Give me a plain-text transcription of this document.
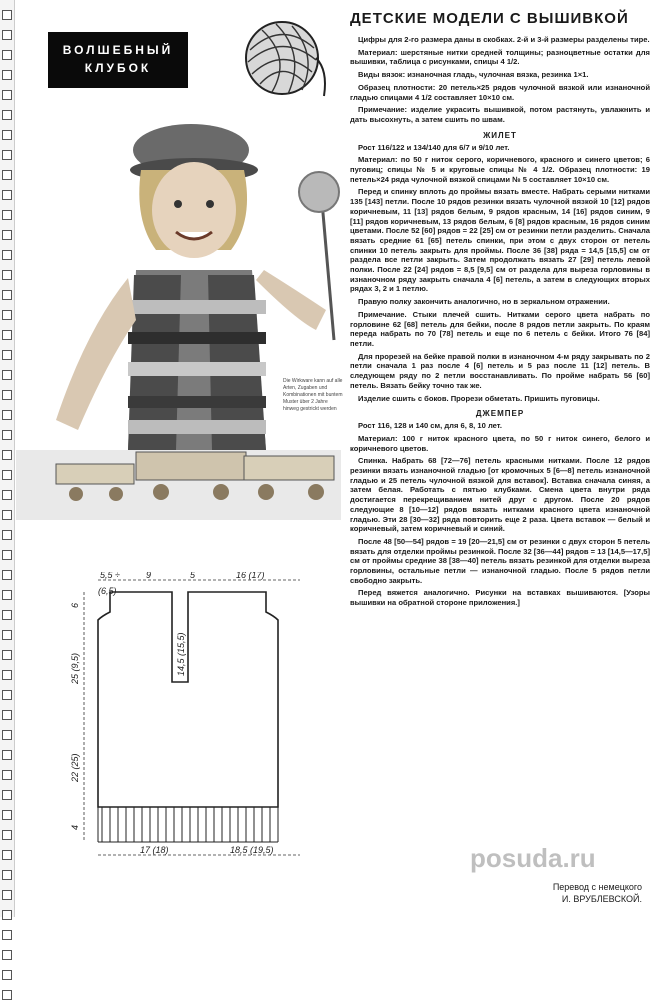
ВОЛШЕБНЫЙ
КЛУБОК
Die Wirkware kann auf alle Arten, Zugaben und Kombinationen mit buntem Muster über 2 Jahre hinweg gestrickt werden
ДЕТСКИЕ МОДЕЛИ С ВЫШИВКОЙ

Цифры для 2-го размера даны в скобках. 2-й и 3-й размеры разделены тире.

Материал: шерстяные нитки средней толщины; разноцветные остатки для вышивки, таблица с рисунками, спицы 4 1/2.

Виды вязок: изнаночная гладь, чулочная вязка, резинка 1×1.

Образец плотности: 20 петель×25 рядов чулочной вязкой или изнаночной гладью спицами 4 1/2 составляет 10×10 см.

Примечание: изделие украсить вышивкой, потом растянуть, увлажнить и дать высохнуть, а затем сшить по швам.

ЖИЛЕТ

Рост 116/122 и 134/140 для 6/7 и 9/10 лет.

Материал: по 50 г ниток серого, коричневого, красного и синего цветов; 6 пуговиц; спицы № 5 и круговые спицы № 4 1/2. Образец плотности: 19 петель×24 ряда чулочной вязкой спицами № 5 составляет 10×10 см.

Перед и спинку вплоть до проймы вязать вместе. Набрать серыми нитками 135 [143] петли. После 10 рядов резинки вязать чулочной вязкой 10 [12] рядов коричневым, 11 [13] рядов белым, 9 рядов красным, 14 [16] рядов синим, 9 [11] рядов коричневым, 13 рядов белым, 6 [8] рядов красным, 16 рядов синим цветами. После 52 [60] рядов = 22 [25] см от резинки петли разделить. Сначала вязать средние 61 [65] петель спинки, при этом с двух сторон от петель спинки 10 петель закрыть для проймы. После 36 [38] ряда = 14,5 [15,5] см от раздела все петли закрыть. Затем продолжать вязать 27 [29] петель левой полки. После 22 [24] рядов = 8,5 [9,5] см от раздела для выреза горловины в изнаночном ряду закрыть сначала 4 [6] петель, а затем в следующих вторых рядах 3, 2 и 1 петлю.

Правую полку закончить аналогично, но в зеркальном отражении.

Примечание. Стыки плечей сшить. Нитками серого цвета набрать по горловине 62 [68] петель для бейки, после 8 рядов петли закрыть. По краям переда набрать по 70 [78] петель и еще по 6 петель с бейки. Итого 76 [84] петли.

Для прорезей на бейке правой полки в изнаночном 4-м ряду закрывать по 2 петли сначала 1 раз после 4 [6] петель и 5 раз после 11 [12] петель. В следующем ряду по 2 петли восстанавливать. По пройме набрать 56 [60] петель. Вязать бейку точно так же.

Изделие сшить с боков. Прорези обметать. Пришить пуговицы.

ДЖЕМПЕР

Рост 116, 128 и 140 см, для 6, 8, 10 лет.

Материал: 100 г ниток красного цвета, по 50 г ниток синего, белого и коричневого цветов.

Спинка. Набрать 68 [72—76] петель красными нитками. После 12 рядов резинки вязать изнаночной гладью [от кромочных 5 [6—8] петель изнаночной гладью и 25 петель чулочной вязкой для вставок]. Вставка сначала синяя, а затем белая. Работать с пятью клубками. Смена цвета внутри ряда достигается перекрещиванием нитей друг с другом. После 20 рядов следующие 8 [10—12] рядов вязать нитками красного цвета изнаночной гладью. Эти 28 [30—32] ряда повторить еще 2 раза. Цвета вставок — белый и коричневый, затем коричневый и синий.

После 48 [50—54] рядов = 19 [20—21,5] см от резинки с двух сторон 5 петель вязать для отделки проймы резинкой. После 32 [36—44] рядов = 13 [14,5—17,5] см от проймы средние 38 [38—40] петель вязать резинкой для отделки выреза горловины, остальные петли — изнаночной гладью. После 5 рядов петли свободно закрыть.

Перед вяжется аналогично. Рисунки на вставках вышиваются. [Узоры вышивки на обратной стороне приложения.]

Перевод с немецкого
И. ВРУБЛЕВСКОЙ.
5,5 ÷
(6,5)
9	5	16 (17)
6
25 (9,5)
22 (25)
4
14,5 (15,5)
17 (18)	18,5 (19,5)	posuda.ru
